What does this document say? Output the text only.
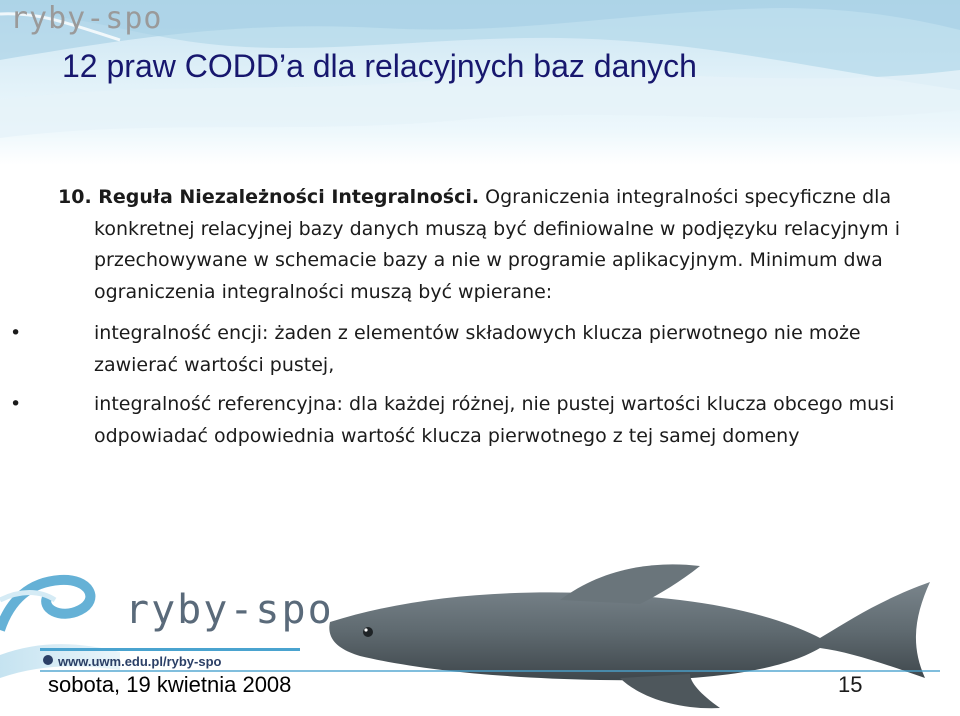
ryby-spo
12 praw CODD’a dla relacyjnych baz danych

10. Reguła Niezależności Integralności. Ograniczenia integralności specyficzne dla konkretnej relacyjnej bazy danych muszą być definiowalne w podjęzyku relacyjnym i przechowywane w schemacie bazy a nie w programie aplikacyjnym. Minimum dwa ograniczenia integralności muszą być wpierane:

•	integralność encji: żaden z elementów składowych klucza pierwotnego nie może zawierać wartości pustej,
•	integralność referencyjna: dla każdej różnej, nie pustej wartości klucza obcego musi odpowiadać odpowiednia wartość klucza pierwotnego z tej samej domeny
ryby-spo
www.uwm.edu.pl/ryby-spo
sobota, 19 kwietnia 2008	15
